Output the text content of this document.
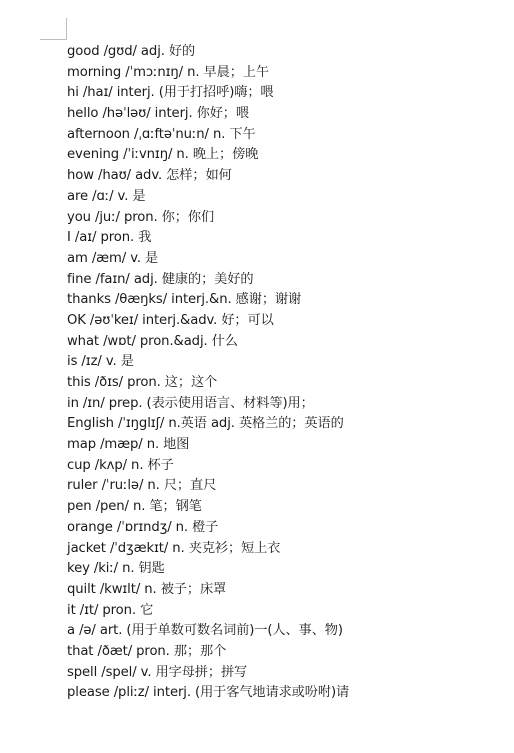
good /gʊd/ adj. 好的
morning /ˈmɔːnɪŋ/ n. 早晨；上午
hi /haɪ/ interj. (用于打招呼)嗨；喂
hello /həˈləʊ/ interj. 你好；喂
afternoon /ˌɑːftəˈnuːn/ n. 下午
evening /ˈiːvnɪŋ/ n. 晚上；傍晚
how /haʊ/ adv. 怎样；如何
are /ɑː/ v. 是
you /juː/ pron. 你；你们
I /aɪ/ pron. 我
am /æm/ v. 是
fine /faɪn/ adj. 健康的；美好的
thanks /θæŋks/ interj.&n. 感谢；谢谢
OK /əʊˈkeɪ/ interj.&adv. 好；可以
what /wɒt/ pron.&adj. 什么
is /ɪz/ v. 是
this /ðɪs/ pron. 这；这个
in /ɪn/ prep. (表示使用语言、材料等)用；
English /ˈɪŋglɪʃ/ n.英语 adj. 英格兰的；英语的
map /mæp/ n. 地图
cup /kʌp/ n. 杯子
ruler /ˈruːlə/ n. 尺；直尺
pen /pen/ n. 笔；钢笔
orange /ˈɒrɪndʒ/ n. 橙子
jacket /ˈdʒækɪt/ n. 夹克衫；短上衣
key /kiː/ n. 钥匙
quilt /kwɪlt/ n. 被子；床罩
it /ɪt/ pron. 它
a /ə/ art. (用于单数可数名词前)一(人、事、物)
that /ðæt/ pron. 那；那个
spell /spel/ v. 用字母拼；拼写
please /pliːz/ interj. (用于客气地请求或吩咐)请
